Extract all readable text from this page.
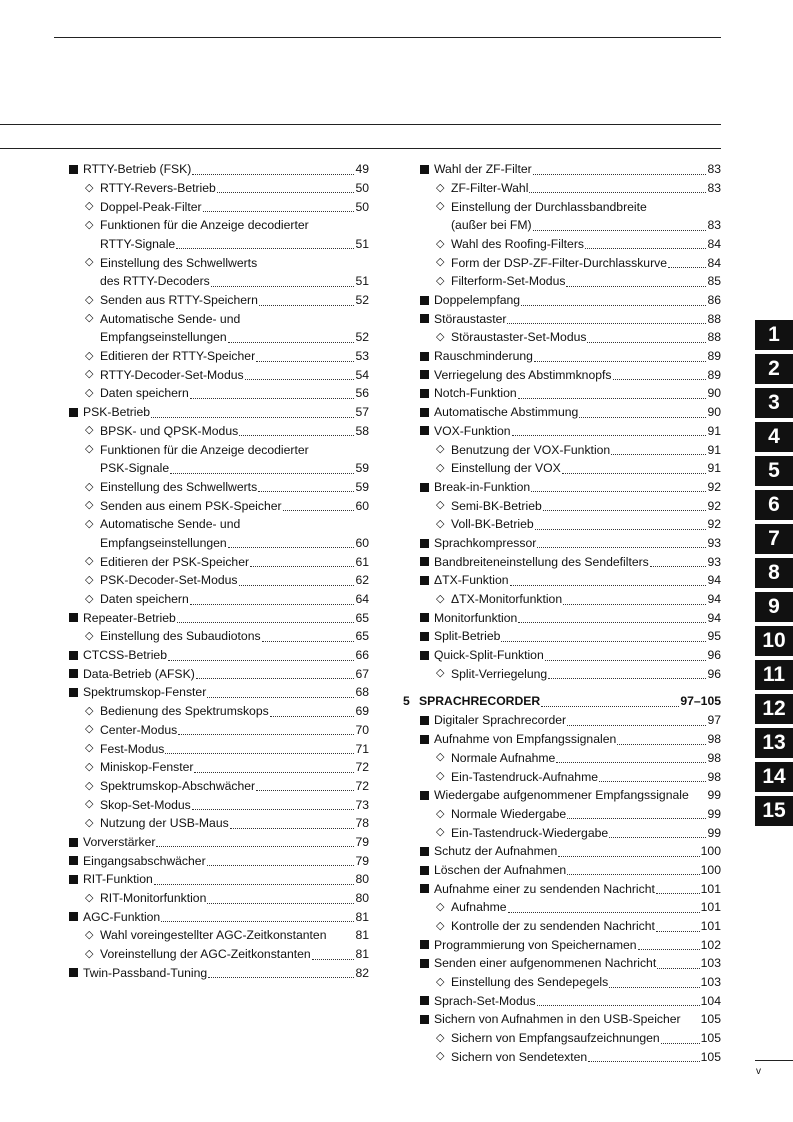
RTTY-Betrieb (FSK)	49
◇ RTTY-Revers-Betrieb	50
◇ Doppel-Peak-Filter	50
◇ Funktionen für die Anzeige decodierter
RTTY-Signale	51
◇ Einstellung des Schwellwerts
des RTTY-Decoders	51
◇ Senden aus RTTY-Speichern	52
◇ Automatische Sende- und
Empfangseinstellungen	52
◇ Editieren der RTTY-Speicher	53
◇ RTTY-Decoder-Set-Modus	54
◇ Daten speichern	56
PSK-Betrieb	57
◇ BPSK- und QPSK-Modus	58
◇ Funktionen für die Anzeige decodierter
PSK-Signale	59
◇ Einstellung des Schwellwerts	59
◇ Senden aus einem PSK-Speicher	60
◇ Automatische Sende- und
Empfangseinstellungen	60
◇ Editieren der PSK-Speicher	61
◇ PSK-Decoder-Set-Modus	62
◇ Daten speichern	64
Repeater-Betrieb	65
◇ Einstellung des Subaudiotons	65
CTCSS-Betrieb	66
Data-Betrieb (AFSK)	67
Spektrumskop-Fenster	68
◇ Bedienung des Spektrumskops	69
◇ Center-Modus	70
◇ Fest-Modus	71
◇ Miniskop-Fenster	72
◇ Spektrumskop-Abschwächer	72
◇ Skop-Set-Modus	73
◇ Nutzung der USB-Maus	78
Vorverstärker	79
Eingangsabschwächer	79
RIT-Funktion	80
◇ RIT-Monitorfunktion	80
AGC-Funktion	81
◇ Wahl voreingestellter AGC-Zeitkonstanten 81
◇ Voreinstellung der AGC-Zeitkonstanten	81
Twin-Passband-Tuning	82
Wahl der ZF-Filter	83
◇ ZF-Filter-Wahl	83
◇ Einstellung der Durchlassbandbreite
(außer bei FM)	83
◇ Wahl des Roofing-Filters	84
◇ Form der DSP-ZF-Filter-Durchlasskurve	84
◇ Filterform-Set-Modus	85
Doppelempfang	86
Störaustaster	88
◇ Störaustaster-Set-Modus	88
Rauschminderung	89
Verriegelung des Abstimmknopfs	89
Notch-Funktion	90
Automatische Abstimmung	90
VOX-Funktion	91
◇ Benutzung der VOX-Funktion	91
◇ Einstellung der VOX	91
Break-in-Funktion	92
◇ Semi-BK-Betrieb	92
◇ Voll-BK-Betrieb	92
Sprachkompressor	93
Bandbreiteneinstellung des Sendefilters	93
ΔTX-Funktion	94
◇ ΔTX-Monitorfunktion	94
Monitorfunktion	94
Split-Betrieb	95
Quick-Split-Funktion	96
◇ Split-Verriegelung	96
5 SPRACHRECORDER	97–105
Digitaler Sprachrecorder	97
Aufnahme von Empfangssignalen	98
◇ Normale Aufnahme	98
◇ Ein-Tastendruck-Aufnahme	98
Wiedergabe aufgenommener Empfangssignale 99
◇ Normale Wiedergabe	99
◇ Ein-Tastendruck-Wiedergabe	99
Schutz der Aufnahmen	100
Löschen der Aufnahmen	100
Aufnahme einer zu sendenden Nachricht	101
◇ Aufnahme	101
◇ Kontrolle der zu sendenden Nachricht	101
Programmierung von Speichernamen	102
Senden einer aufgenommenen Nachricht	103
◇ Einstellung des Sendepegels	103
Sprach-Set-Modus	104
Sichern von Aufnahmen in den USB-Speicher 105
◇ Sichern von Empfangsaufzeichnungen	105
◇ Sichern von Sendetexten	105
1
2
3
4
5
6
7
8
9
10
11
12
13
14
15
v
